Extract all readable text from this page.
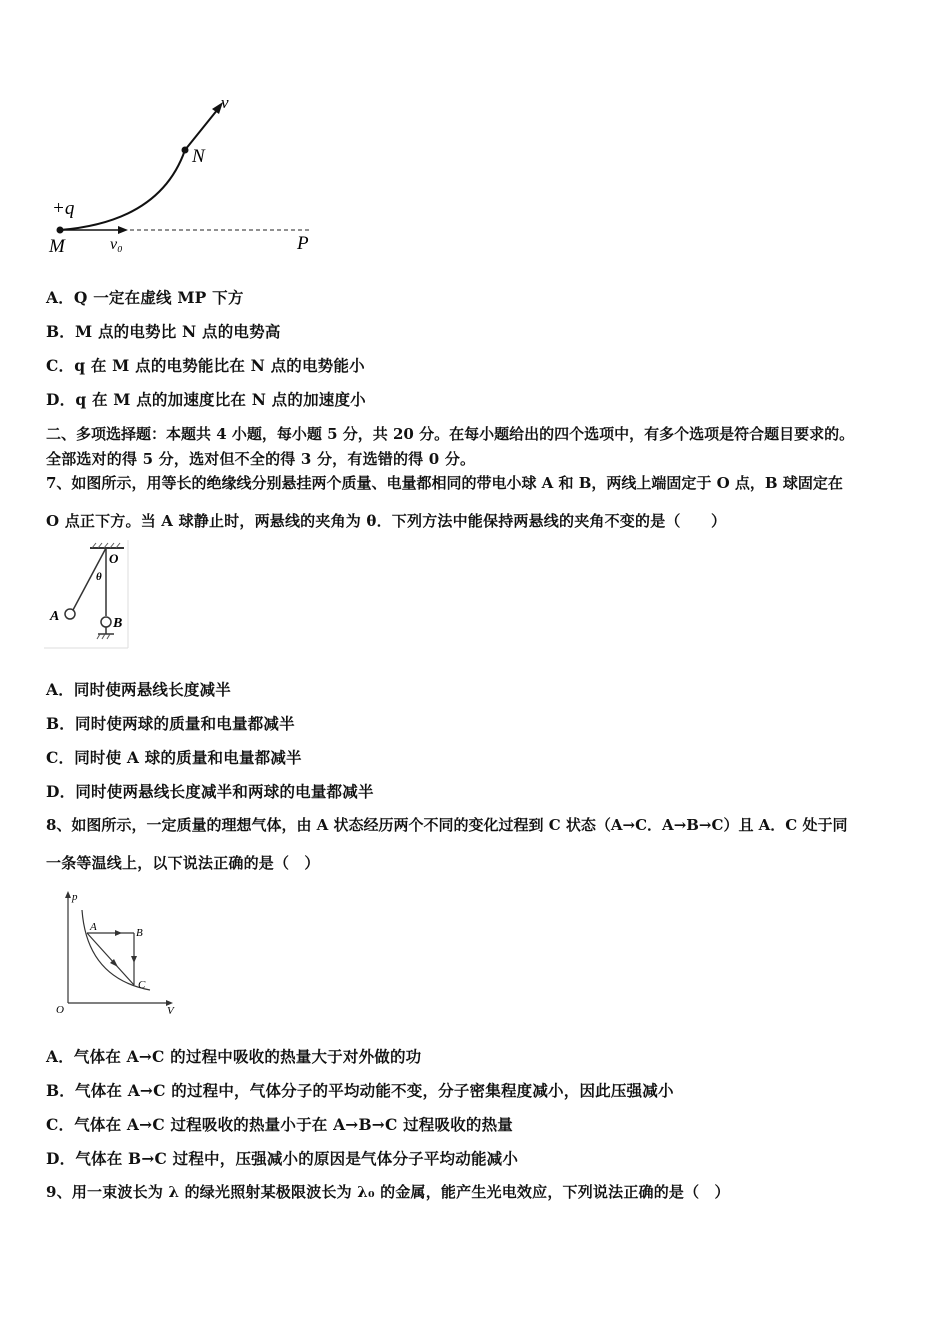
+q
M	v₀	P
N
v
A．Q 一定在虚线 MP 下方
B．M 点的电势比 N 点的电势高
C．q 在 M 点的电势能比在 N 点的电势能小
D．q 在 M 点的加速度比在 N 点的加速度小
二、多项选择题：本题共 4 小题，每小题 5 分，共 20 分。在每小题给出的四个选项中，有多个选项是符合题目要求的。
全部选对的得 5 分，选对但不全的得 3 分，有选错的得 0 分。
7、如图所示，用等长的绝缘线分别悬挂两个质量、电量都相同的带电小球 A 和 B，两线上端固定于 O 点，B 球固定在
O 点正下方。当 A 球静止时，两悬线的夹角为 θ．下列方法中能保持两悬线的夹角不变的是（　　）
O
θ
A	B
A．同时使两悬线长度减半
B．同时使两球的质量和电量都减半
C．同时使 A 球的质量和电量都减半
D．同时使两悬线长度减半和两球的电量都减半
8、如图所示，一定质量的理想气体，由 A 状态经历两个不同的变化过程到 C 状态（A→C．A→B→C）且 A．C 处于同
一条等温线上，以下说法正确的是（　）
p
V
O
A	B
C
A．气体在 A→C 的过程中吸收的热量大于对外做的功
B．气体在 A→C 的过程中，气体分子的平均动能不变，分子密集程度减小，因此压强减小
C．气体在 A→C 过程吸收的热量小于在 A→B→C 过程吸收的热量
D．气体在 B→C 过程中，压强减小的原因是气体分子平均动能减小
9、用一束波长为 λ 的绿光照射某极限波长为 λ₀ 的金属，能产生光电效应，下列说法正确的是（　）
